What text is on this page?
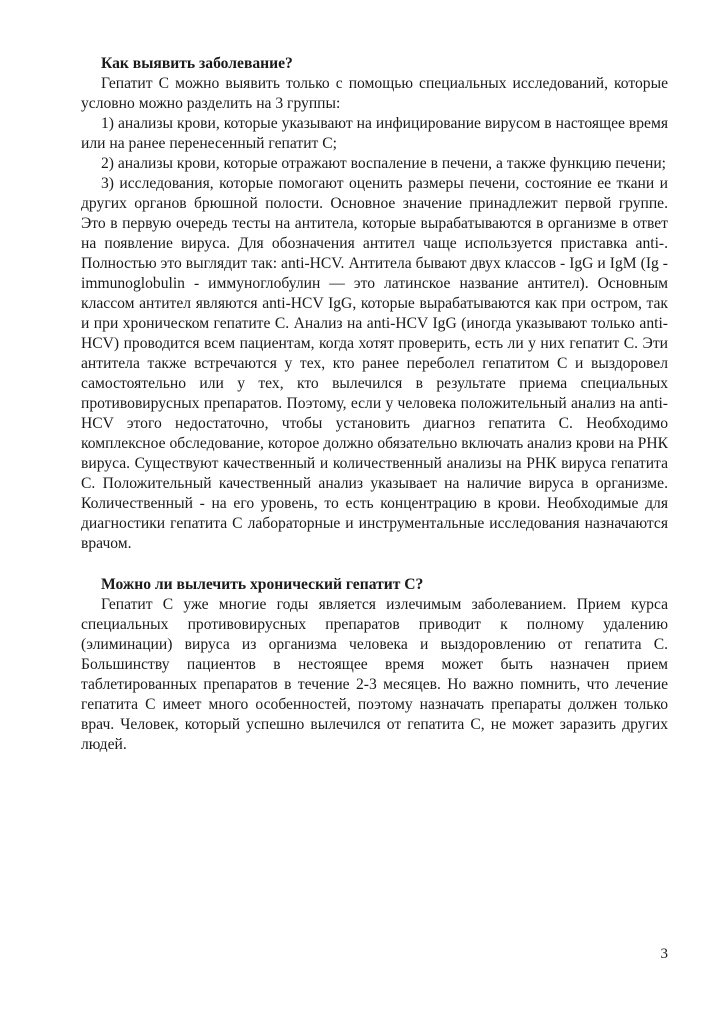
Как выявить заболевание?

Гепатит С можно выявить только с помощью специальных исследований, которые условно можно разделить на 3 группы:

1) анализы крови, которые указывают на инфицирование вирусом в настоящее время или на ранее перенесенный гепатит С;

2) анализы крови, которые отражают воспаление в печени, а также функцию печени;

3) исследования, которые помогают оценить размеры печени, состояние ее ткани и других органов брюшной полости. Основное значение принадлежит первой группе. Это в первую очередь тесты на антитела, которые вырабатываются в организме в ответ на появление вируса. Для обозначения антител чаще используется приставка anti-. Полностью это выглядит так: anti-HCV. Антитела бывают двух классов - IgG и IgM (Ig - immunoglobulin - иммуноглобулин — это латинское название антител). Основным классом антител являются anti-HCV IgG, которые вырабатываются как при остром, так и при хроническом гепатите С. Анализ на anti-HCV IgG (иногда указывают только anti-HCV) проводится всем пациентам, когда хотят проверить, есть ли у них гепатит С. Эти антитела также встречаются у тех, кто ранее переболел гепатитом С и выздоровел самостоятельно или у тех, кто вылечился в результате приема специальных противовирусных препаратов. Поэтому, если у человека положительный анализ на anti-HCV этого недостаточно, чтобы установить диагноз гепатита С. Необходимо комплексное обследование, которое должно обязательно включать анализ крови на РНК вируса. Существуют качественный и количественный анализы на РНК вируса гепатита С. Положительный качественный анализ указывает на наличие вируса в организме. Количественный - на его уровень, то есть концентрацию в крови. Необходимые для диагностики гепатита С лабораторные и инструментальные исследования назначаются врачом.

Можно ли вылечить хронический гепатит С?

Гепатит С уже многие годы является излечимым заболеванием. Прием курса специальных противовирусных препаратов приводит к полному удалению (элиминации) вируса из организма человека и выздоровлению от гепатита С. Большинству пациентов в нестоящее время может быть назначен прием таблетированных препаратов в течение 2-3 месяцев. Но важно помнить, что лечение гепатита С имеет много особенностей, поэтому назначать препараты должен только врач. Человек, который успешно вылечился от гепатита С, не может заразить других людей.

3
